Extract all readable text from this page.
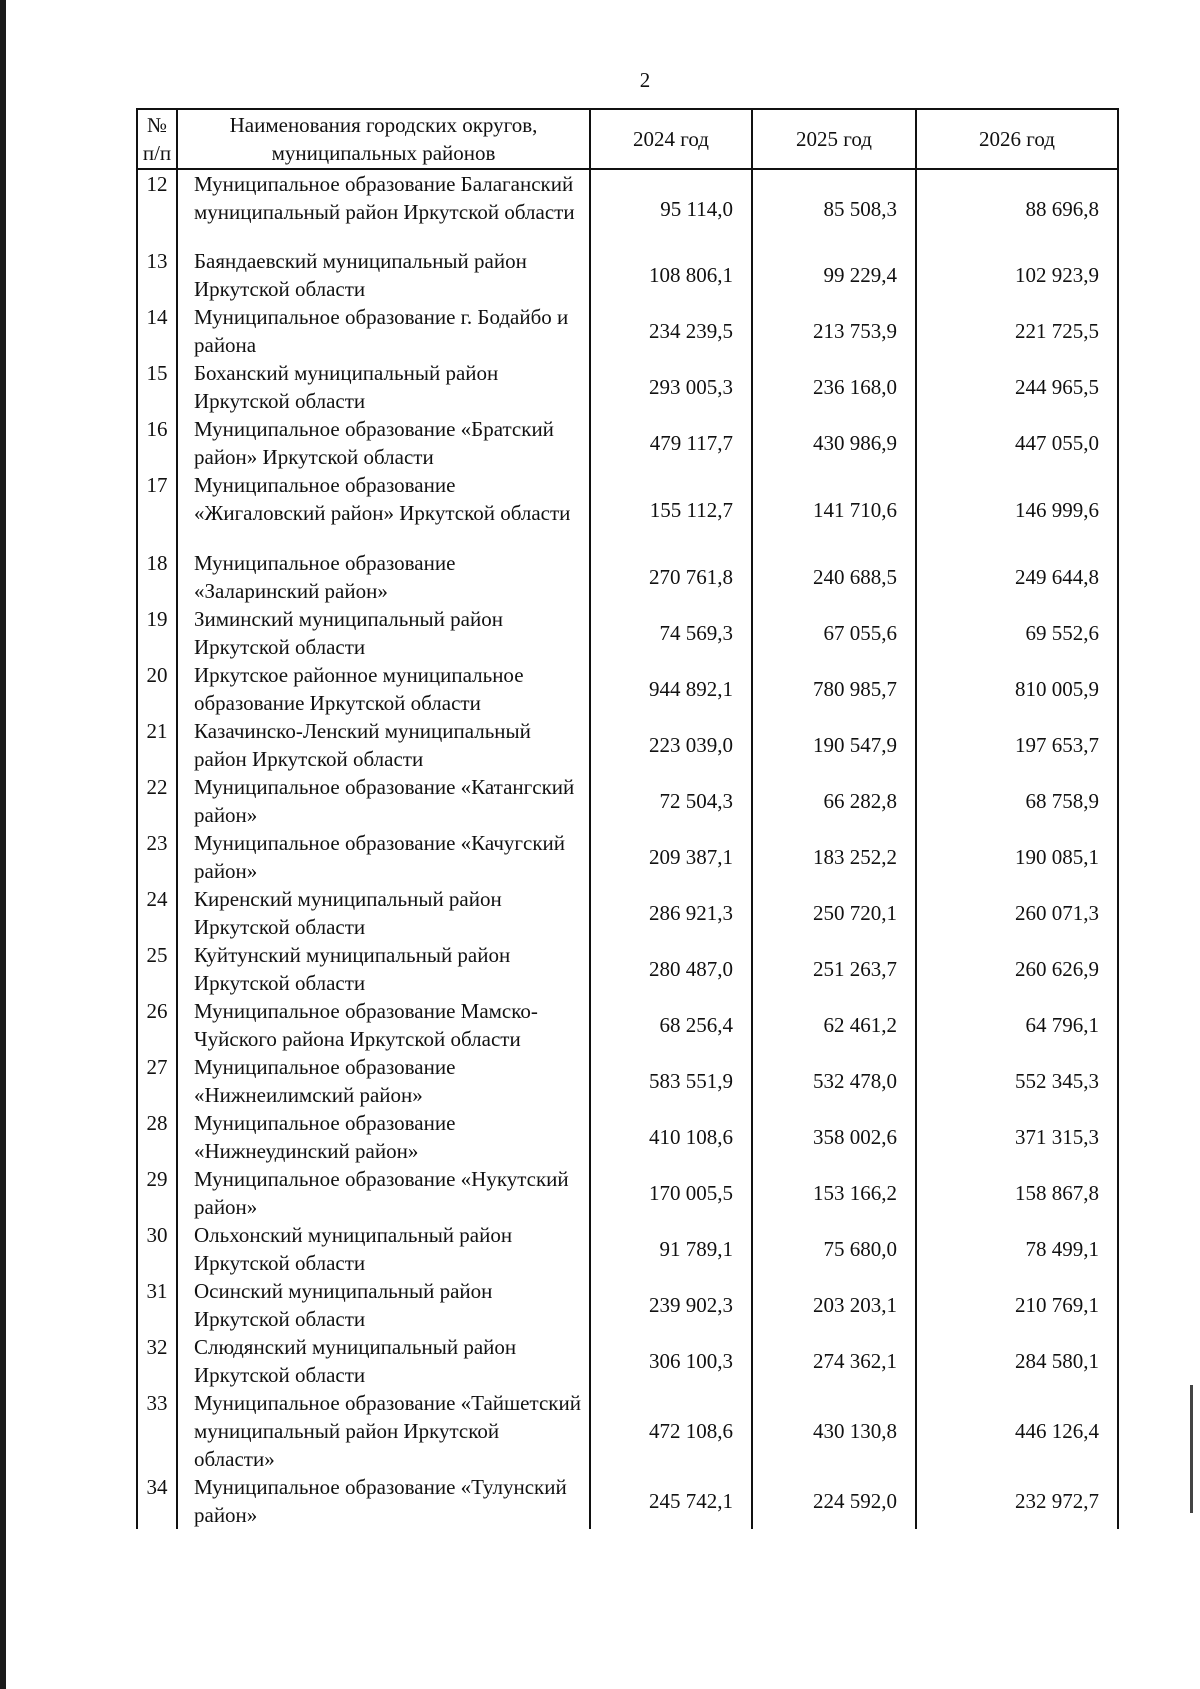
2
№ п/п	Наименования городских округов, муниципальных районов	2024 год	2025 год	2026 год
12	Муниципальное образование Балаганский муниципальный район Иркутской области	95 114,0	85 508,3	88 696,8
13	Баяндаевский муниципальный район Иркутской области	108 806,1	99 229,4	102 923,9
14	Муниципальное образование г. Бодайбо и района	234 239,5	213 753,9	221 725,5
15	Боханский муниципальный район Иркутской области	293 005,3	236 168,0	244 965,5
16	Муниципальное образование «Братский район» Иркутской области	479 117,7	430 986,9	447 055,0
17	Муниципальное образование «Жигаловский район» Иркутской области	155 112,7	141 710,6	146 999,6
18	Муниципальное образование «Заларинский район»	270 761,8	240 688,5	249 644,8
19	Зиминский муниципальный район Иркутской области	74 569,3	67 055,6	69 552,6
20	Иркутское районное муниципальное образование Иркутской области	944 892,1	780 985,7	810 005,9
21	Казачинско-Ленский муниципальный район Иркутской области	223 039,0	190 547,9	197 653,7
22	Муниципальное образование «Катангский район»	72 504,3	66 282,8	68 758,9
23	Муниципальное образование «Качугский район»	209 387,1	183 252,2	190 085,1
24	Киренский муниципальный район Иркутской области	286 921,3	250 720,1	260 071,3
25	Куйтунский муниципальный район Иркутской области	280 487,0	251 263,7	260 626,9
26	Муниципальное образование Мамско-Чуйского района Иркутской области	68 256,4	62 461,2	64 796,1
27	Муниципальное образование «Нижнеилимский район»	583 551,9	532 478,0	552 345,3
28	Муниципальное образование «Нижнеудинский район»	410 108,6	358 002,6	371 315,3
29	Муниципальное образование «Нукутский район»	170 005,5	153 166,2	158 867,8
30	Ольхонский муниципальный район Иркутской области	91 789,1	75 680,0	78 499,1
31	Осинский муниципальный район Иркутской области	239 902,3	203 203,1	210 769,1
32	Слюдянский муниципальный район Иркутской области	306 100,3	274 362,1	284 580,1
33	Муниципальное образование «Тайшетский муниципальный район Иркутской области»	472 108,6	430 130,8	446 126,4
34	Муниципальное образование «Тулунский район»	245 742,1	224 592,0	232 972,7
